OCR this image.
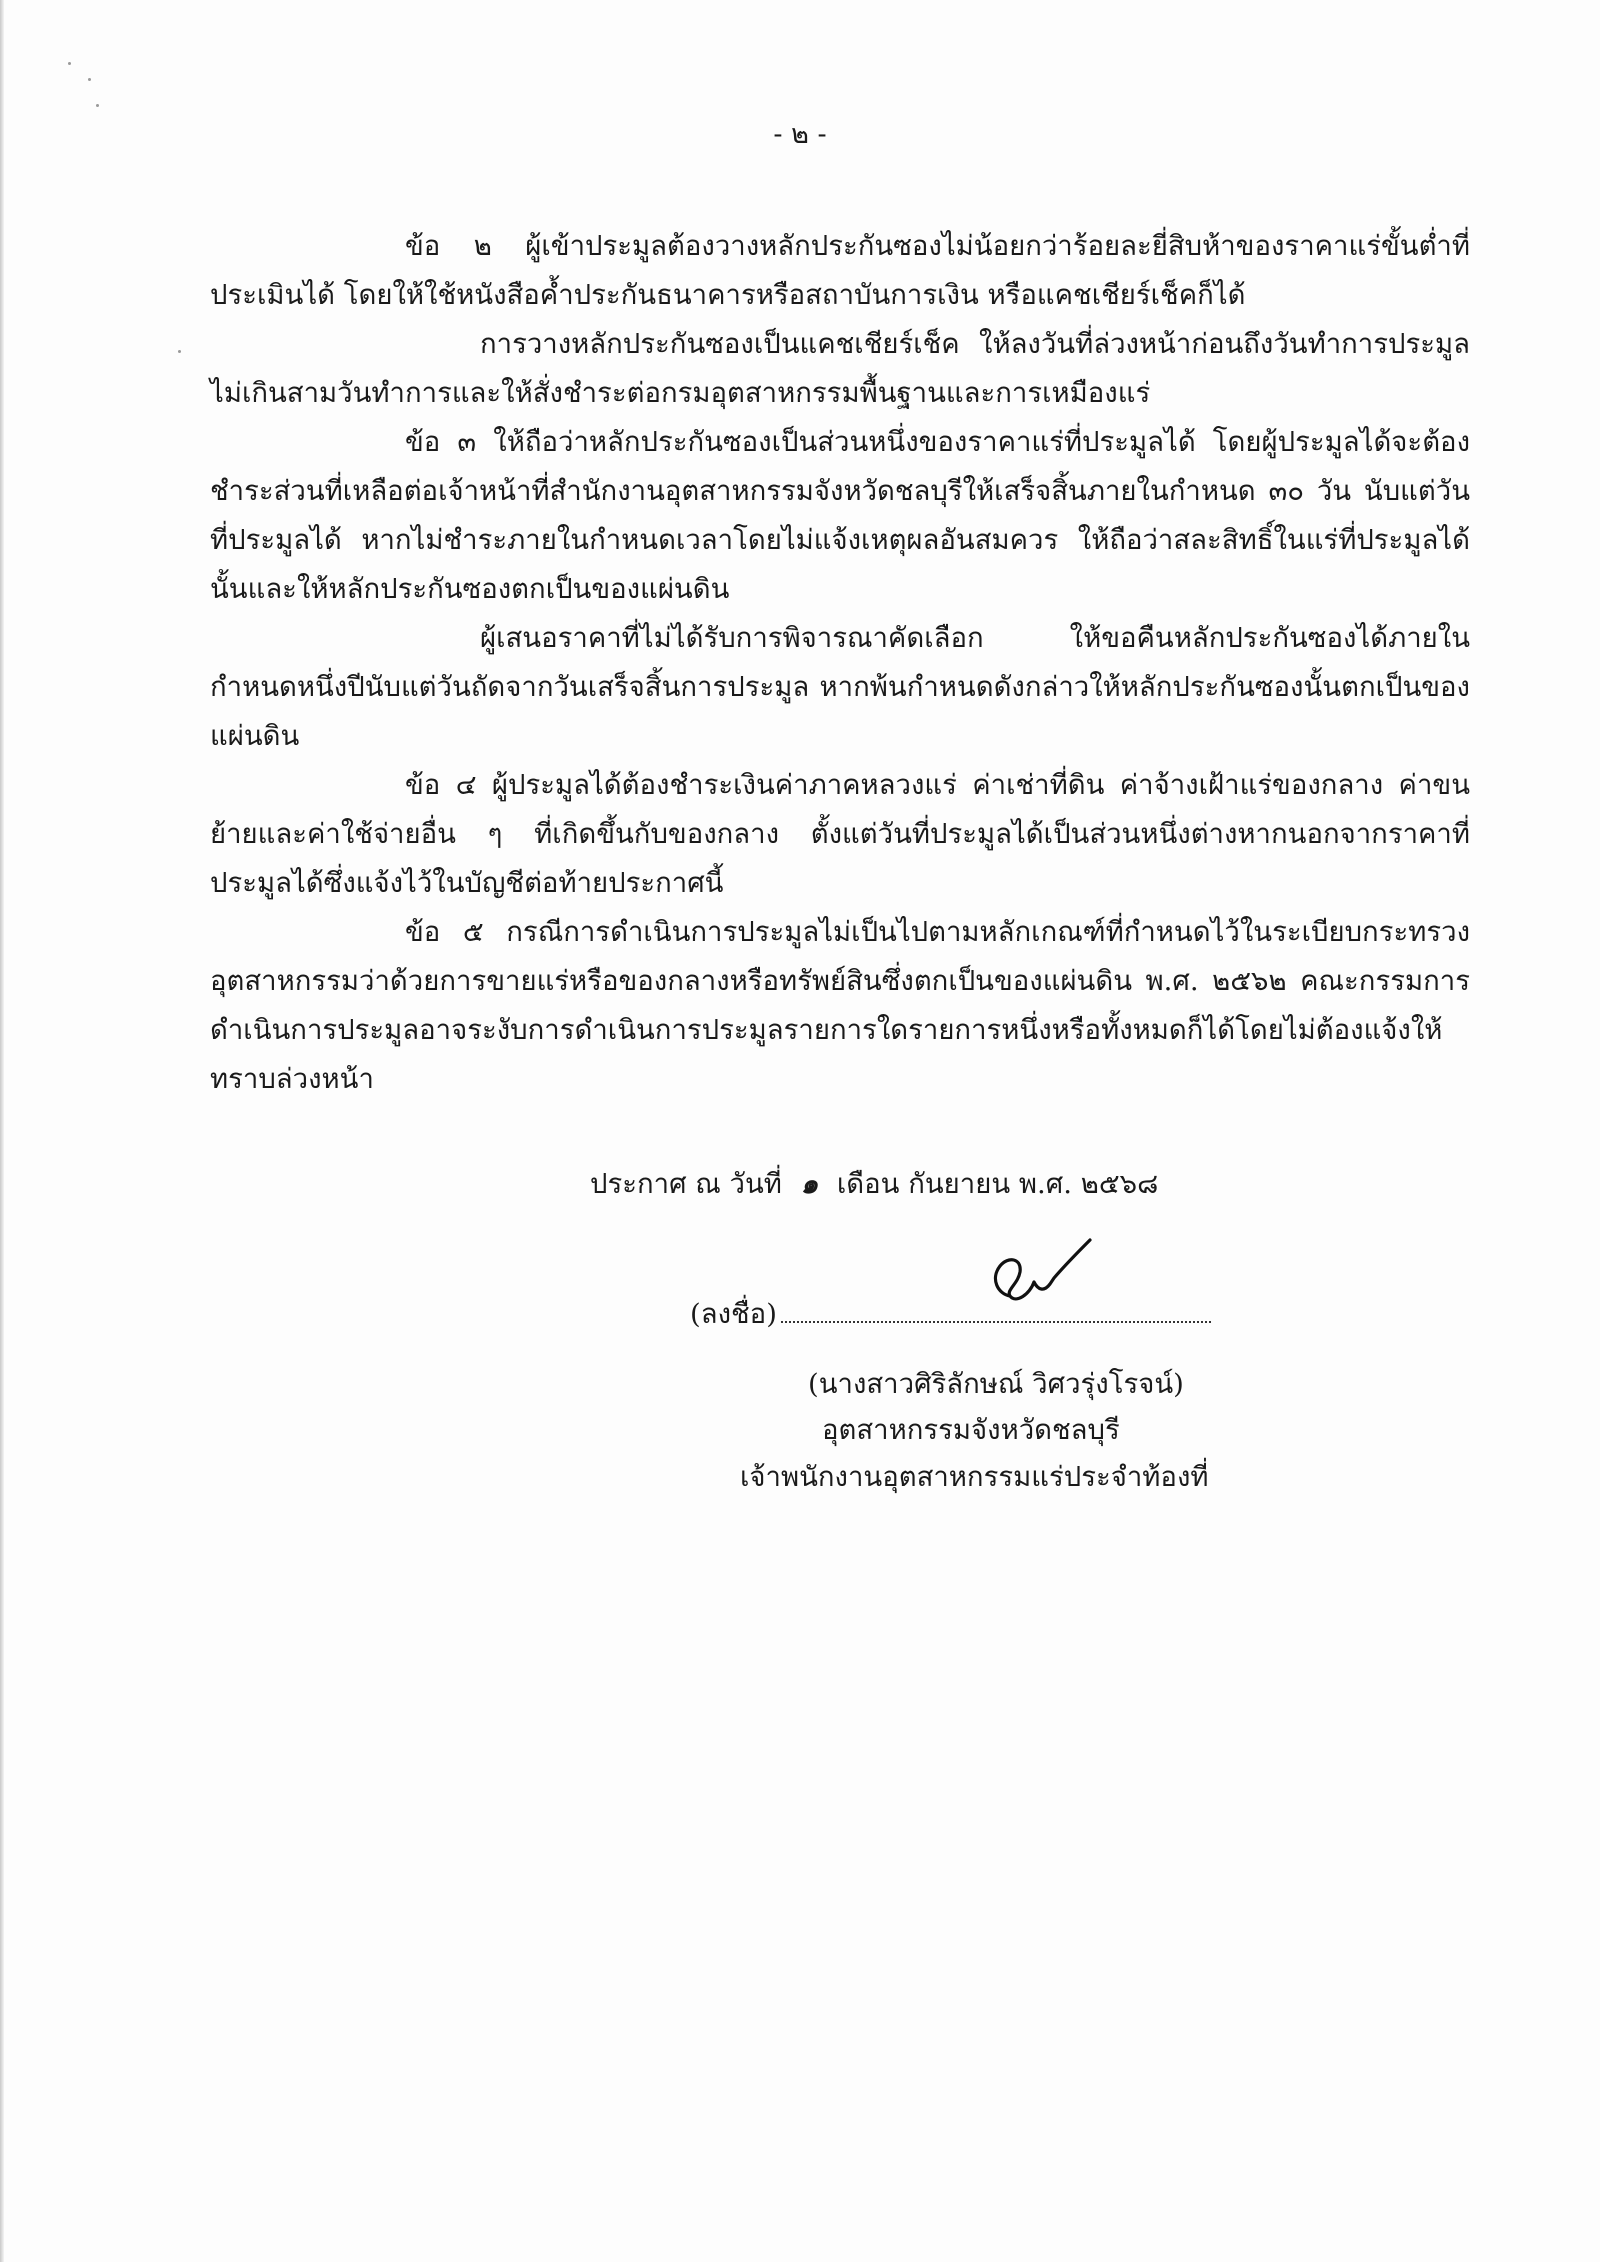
- ๒ -

ข้อ ๒ ผู้เข้าประมูลต้องวางหลักประกันซองไม่น้อยกว่าร้อยละยี่สิบห้าของราคาแร่ขั้นต่ำที่ประเมินได้ โดยให้ใช้หนังสือค้ำประกันธนาคารหรือสถาบันการเงิน หรือแคชเชียร์เช็คก็ได้

การวางหลักประกันซองเป็นแคชเชียร์เช็ค ให้ลงวันที่ล่วงหน้าก่อนถึงวันทำการประมูลไม่เกินสามวันทำการและให้สั่งชำระต่อกรมอุตสาหกรรมพื้นฐานและการเหมืองแร่

ข้อ ๓ ให้ถือว่าหลักประกันซองเป็นส่วนหนึ่งของราคาแร่ที่ประมูลได้ โดยผู้ประมูลได้จะต้องชำระส่วนที่เหลือต่อเจ้าหน้าที่สำนักงานอุตสาหกรรมจังหวัดชลบุรีให้เสร็จสิ้นภายในกำหนด ๓๐ วัน นับแต่วันที่ประมูลได้ หากไม่ชำระภายในกำหนดเวลาโดยไม่แจ้งเหตุผลอันสมควร ให้ถือว่าสละสิทธิ์ในแร่ที่ประมูลได้นั้นและให้หลักประกันซองตกเป็นของแผ่นดิน

ผู้เสนอราคาที่ไม่ได้รับการพิจารณาคัดเลือก ให้ขอคืนหลักประกันซองได้ภายในกำหนดหนึ่งปีนับแต่วันถัดจากวันเสร็จสิ้นการประมูล หากพ้นกำหนดดังกล่าวให้หลักประกันซองนั้นตกเป็นของแผ่นดิน

ข้อ ๔ ผู้ประมูลได้ต้องชำระเงินค่าภาคหลวงแร่ ค่าเช่าที่ดิน ค่าจ้างเฝ้าแร่ของกลาง ค่าขนย้ายและค่าใช้จ่ายอื่น ๆ ที่เกิดขึ้นกับของกลาง ตั้งแต่วันที่ประมูลได้เป็นส่วนหนึ่งต่างหากนอกจากราคาที่ประมูลได้ซึ่งแจ้งไว้ในบัญชีต่อท้ายประกาศนี้

ข้อ ๕ กรณีการดำเนินการประมูลไม่เป็นไปตามหลักเกณฑ์ที่กำหนดไว้ในระเบียบกระทรวงอุตสาหกรรมว่าด้วยการขายแร่หรือของกลางหรือทรัพย์สินซึ่งตกเป็นของแผ่นดิน พ.ศ. ๒๕๖๒ คณะกรรมการดำเนินการประมูลอาจระงับการดำเนินการประมูลรายการใดรายการหนึ่งหรือทั้งหมดก็ได้โดยไม่ต้องแจ้งให้ทราบล่วงหน้า

ประกาศ ณ วันที่ ๑ เดือน กันยายน พ.ศ. ๒๕๖๘
(ลงชื่อ)
(นางสาวศิริลักษณ์ วิศวรุ่งโรจน์)
อุตสาหกรรมจังหวัดชลบุรี
เจ้าพนักงานอุตสาหกรรมแร่ประจำท้องที่
